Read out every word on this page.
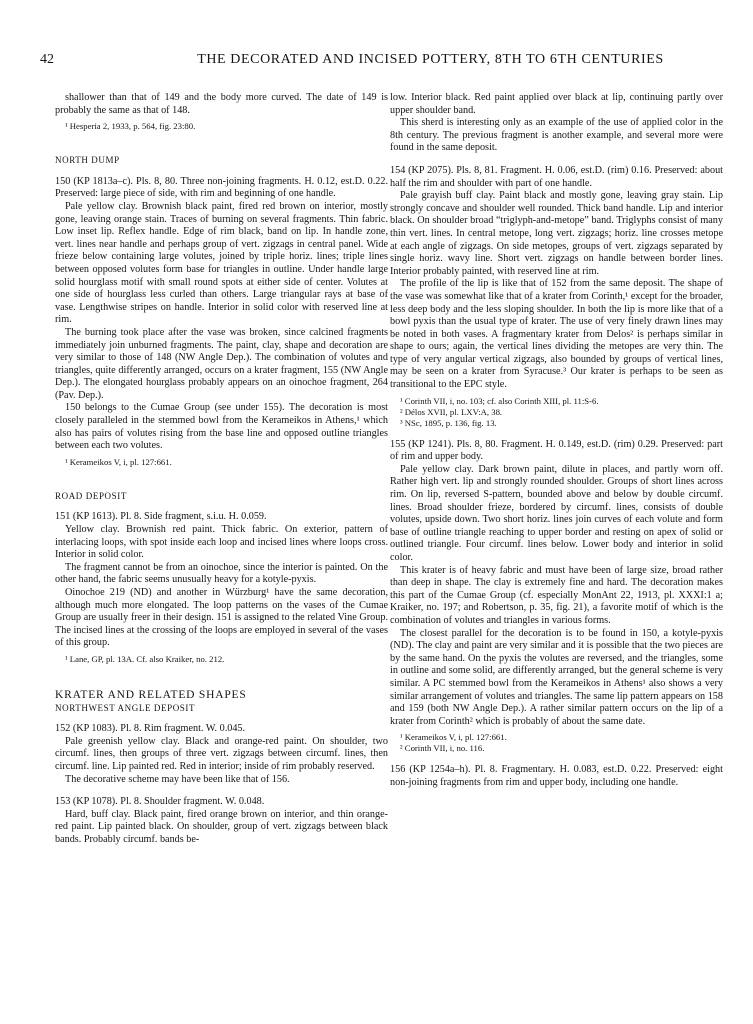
42	THE DECORATED AND INCISED POTTERY, 8TH TO 6TH CENTURIES

shallower than that of 149 and the body more curved. The date of 149 is probably the same as that of 148.

¹ Hesperia 2, 1933, p. 564, fig. 23:80.

NORTH DUMP

150 (KP 1813a–c). Pls. 8, 80. Three non-joining fragments. H. 0.12, est.D. 0.22. Preserved: large piece of side, with rim and beginning of one handle.

Pale yellow clay. Brownish black paint, fired red brown on interior, mostly gone, leaving orange stain. Traces of burning on several fragments. Thin fabric. Low inset lip. Reflex handle. Edge of rim black, band on lip. In handle zone, vert. lines near handle and perhaps group of vert. zigzags in central panel. Wide frieze below containing large volutes, joined by triple horiz. lines; triple lines between opposed volutes form base for triangles in outline. Under handle large solid hourglass motif with small round spots at either side of center. Volutes at one side of hourglass less curled than others. Large triangular rays at base of vase. Lengthwise stripes on handle. Interior in solid color with reserved line at rim.

The burning took place after the vase was broken, since calcined fragments immediately join unburned fragments. The paint, clay, shape and decoration are very similar to those of 148 (NW Angle Dep.). The combination of volutes and triangles, quite differently arranged, occurs on a krater fragment, 155 (NW Angle Dep.). The elongated hourglass probably appears on an oinochoe fragment, 264 (Pav. Dep.).

150 belongs to the Cumae Group (see under 155). The decoration is most closely paralleled in the stemmed bowl from the Kerameikos in Athens,¹ which also has pairs of volutes rising from the base line and opposed outline triangles between each two volutes.

¹ Kerameikos V, i, pl. 127:661.

ROAD DEPOSIT

151 (KP 1613). Pl. 8. Side fragment, s.i.u. H. 0.059.

Yellow clay. Brownish red paint. Thick fabric. On exterior, pattern of interlacing loops, with spot inside each loop and incised lines where loops cross. Interior in solid color.

The fragment cannot be from an oinochoe, since the interior is painted. On the other hand, the fabric seems unusually heavy for a kotyle-pyxis.

Oinochoe 219 (ND) and another in Würzburg¹ have the same decoration, although much more elongated. The loop patterns on the vases of the Cumae Group are usually freer in their design. 151 is assigned to the related Vine Group. The incised lines at the crossing of the loops are employed in several of the vases of this group.

¹ Lane, GP, pl. 13A. Cf. also Kraiker, no. 212.

KRATER AND RELATED SHAPES

NORTHWEST ANGLE DEPOSIT

152 (KP 1083). Pl. 8. Rim fragment. W. 0.045.

Pale greenish yellow clay. Black and orange-red paint. On shoulder, two circumf. lines, then groups of three vert. zigzags between circumf. lines, then circumf. line. Lip painted red. Red in interior; inside of rim probably reserved.

The decorative scheme may have been like that of 156.

153 (KP 1078). Pl. 8. Shoulder fragment. W. 0.048.

Hard, buff clay. Black paint, fired orange brown on interior, and thin orange-red paint. Lip painted black. On shoulder, group of vert. zigzags between black bands. Probably circumf. bands be-

low. Interior black. Red paint applied over black at lip, continuing partly over upper shoulder band.

This sherd is interesting only as an example of the use of applied color in the 8th century. The previous fragment is another example, and several more were found in the same deposit.

154 (KP 2075). Pls. 8, 81. Fragment. H. 0.06, est.D. (rim) 0.16. Preserved: about half the rim and shoulder with part of one handle.

Pale grayish buff clay. Paint black and mostly gone, leaving gray stain. Lip strongly concave and shoulder well rounded. Thick band handle. Lip and interior black. On shoulder broad “triglyph-and-metope” band. Triglyphs consist of many thin vert. lines. In central metope, long vert. zigzags; horiz. line crosses metope at each angle of zigzags. On side metopes, groups of vert. zigzags separated by single horiz. wavy line. Short vert. zigzags on handle between border lines. Interior probably painted, with reserved line at rim.

The profile of the lip is like that of 152 from the same deposit. The shape of the vase was somewhat like that of a krater from Corinth,¹ except for the broader, less deep body and the less sloping shoulder. In both the lip is more like that of a bowl pyxis than the usual type of krater. The use of very finely drawn lines may be noted in both vases. A fragmentary krater from Delos² is perhaps similar in shape to ours; again, the vertical lines dividing the metopes are very thin. The type of very angular vertical zigzags, also bounded by groups of vertical lines, may be seen on a krater from Syracuse.³ Our krater is perhaps to be seen as transitional to the EPC style.

¹ Corinth VII, i, no. 103; cf. also Corinth XIII, pl. 11:S-6.

² Délos XVII, pl. LXV:A, 38.

³ NSc, 1895, p. 136, fig. 13.

155 (KP 1241). Pls. 8, 80. Fragment. H. 0.149, est.D. (rim) 0.29. Preserved: part of rim and upper body.

Pale yellow clay. Dark brown paint, dilute in places, and partly worn off. Rather high vert. lip and strongly rounded shoulder. Groups of short lines across rim. On lip, reversed S-pattern, bounded above and below by double circumf. lines. Broad shoulder frieze, bordered by circumf. lines, consists of double volutes, upside down. Two short horiz. lines join curves of each volute and form base of outline triangle reaching to upper border and resting on apex of solid or outlined triangle. Four circumf. lines below. Lower body and interior in solid color.

This krater is of heavy fabric and must have been of large size, broad rather than deep in shape. The clay is extremely fine and hard. The decoration makes this part of the Cumae Group (cf. especially MonAnt 22, 1913, pl. XXXI:1 a; Kraiker, no. 197; and Robertson, p. 35, fig. 21), a favorite motif of which is the combination of volutes and triangles in various forms.

The closest parallel for the decoration is to be found in 150, a kotyle-pyxis (ND). The clay and paint are very similar and it is possible that the two pieces are by the same hand. On the pyxis the volutes are reversed, and the triangles, some in outline and some solid, are differently arranged, but the general scheme is very similar. A PC stemmed bowl from the Kerameikos in Athens¹ also shows a very similar arrangement of volutes and triangles. The same lip pattern appears on 158 and 159 (both NW Angle Dep.). A rather similar pattern occurs on the lip of a krater from Corinth² which is probably of about the same date.

¹ Kerameikos V, i, pl. 127:661.

² Corinth VII, i, no. 116.

156 (KP 1254a–h). Pl. 8. Fragmentary. H. 0.083, est.D. 0.22. Preserved: eight non-joining fragments from rim and upper body, including one handle.
